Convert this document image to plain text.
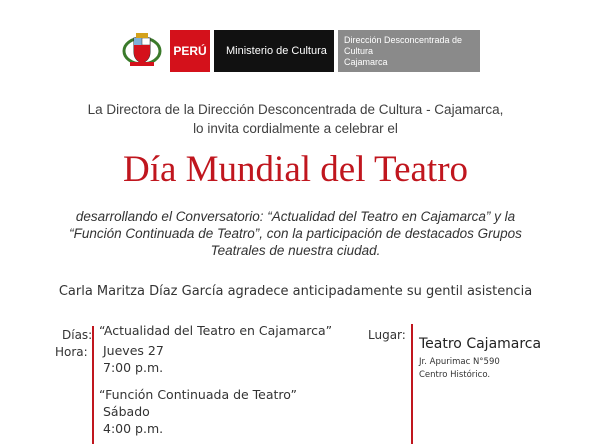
PERÚ	Ministerio de Cultura
Dirección Desconcentrada de Cultura
Cajamarca
La Directora de la Dirección Desconcentrada de Cultura - Cajamarca,
lo invita cordialmente a celebrar el
Día Mundial del Teatro
desarrollando el Conversatorio: “Actualidad del Teatro en Cajamarca” y la
“Función Continuada de Teatro”, con la participación de destacados Grupos
Teatrales de nuestra ciudad.
Carla Maritza Díaz García agradece anticipadamente su gentil asistencia
Días:
Hora:
“Actualidad del Teatro en Cajamarca”
Jueves 27
7:00 p.m.
“Función Continuada de Teatro”
Sábado
4:00 p.m.
Lugar:
Teatro Cajamarca
Jr. Apurimac N°590
Centro Histórico.
